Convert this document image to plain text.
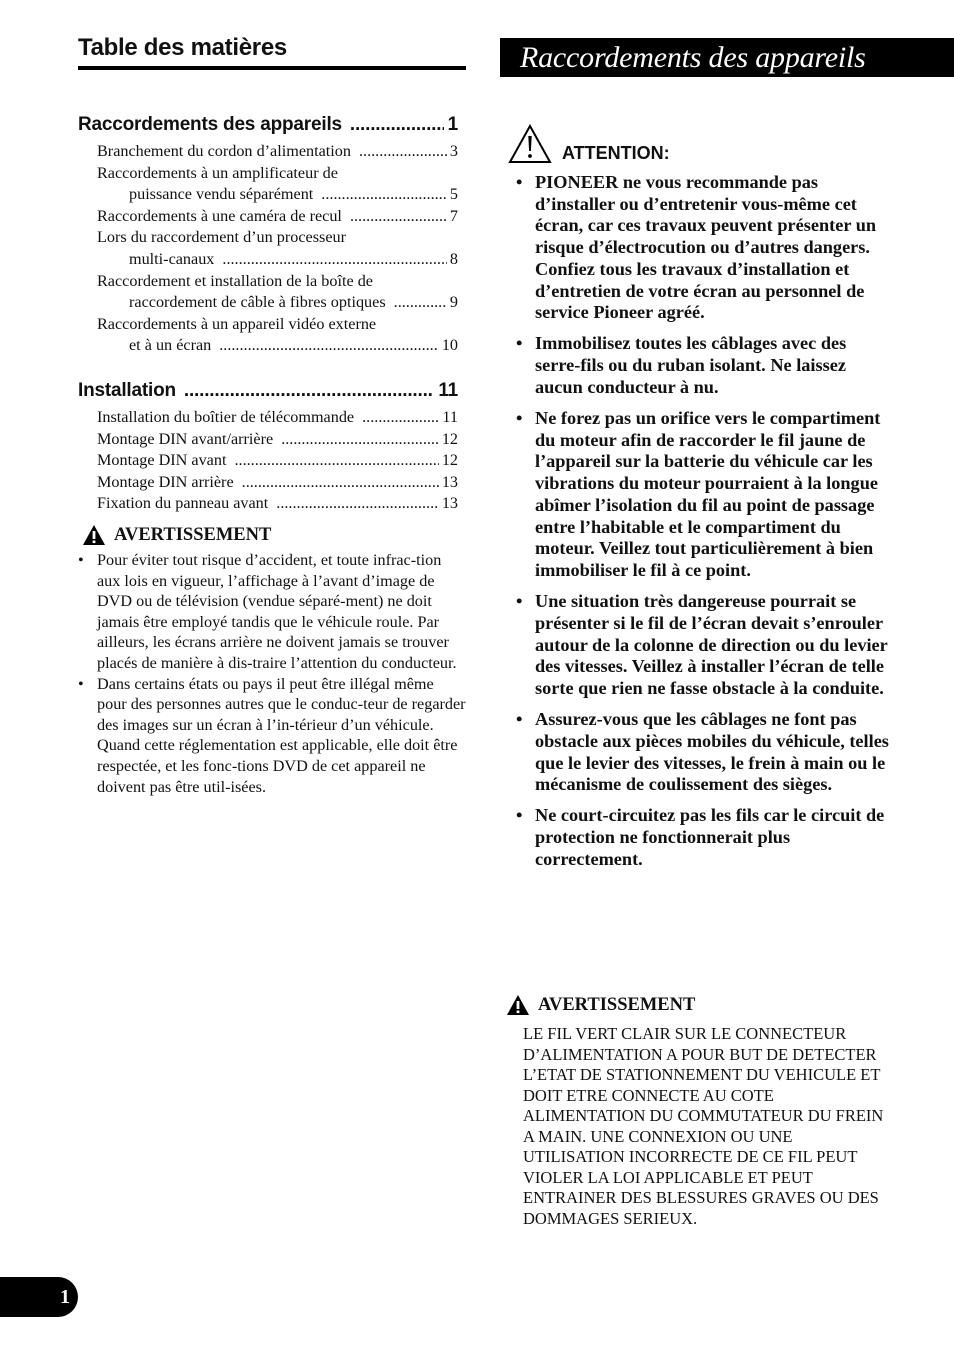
Table des matières
Raccordements des appareils .....	1
Branchement du cordon d’alimentation .....	3
Raccordements à un amplificateur de
puissance vendu séparément .....	5
Raccordements à une caméra de recul .....	7
Lors du raccordement d’un processeur
multi-canaux .....	8
Raccordement et installation de la boîte de
raccordement de câble à fibres optiques .....	9
Raccordements à un appareil vidéo externe
et à un écran .....	10
Installation .....	11
Installation du boîtier de télécommande .....	11
Montage DIN avant/arrière .....	12
Montage DIN avant .....	12
Montage DIN arrière .....	13
Fixation du panneau avant .....	13
AVERTISSEMENT
• Pour éviter tout risque d’accident, et toute infrac-tion aux lois en vigueur, l’affichage à l’avant d’image de DVD ou de télévision (vendue séparé-ment) ne doit jamais être employé tandis que le véhicule roule. Par ailleurs, les écrans arrière ne doivent jamais se trouver placés de manière à dis-traire l’attention du conducteur.
• Dans certains états ou pays il peut être illégal même pour des personnes autres que le conduc-teur de regarder des images sur un écran à l’in-térieur d’un véhicule. Quand cette réglementation est applicable, elle doit être respectée, et les fonc-tions DVD de cet appareil ne doivent pas être util-isées.
Raccordements des appareils
ATTENTION:
• PIONEER ne vous recommande pas d’installer ou d’entretenir vous-même cet écran, car ces travaux peuvent présenter un risque d’électrocution ou d’autres dangers. Confiez tous les travaux d’installation et d’entretien de votre écran au personnel de service Pioneer agréé.
• Immobilisez toutes les câblages avec des serre-fils ou du ruban isolant. Ne laissez aucun conducteur à nu.
• Ne forez pas un orifice vers le compartiment du moteur afin de raccorder le fil jaune de l’appareil sur la batterie du véhicule car les vibrations du moteur pourraient à la longue abîmer l’isolation du fil au point de passage entre l’habitable et le compartiment du moteur. Veillez tout particulièrement à bien immobiliser le fil à ce point.
• Une situation très dangereuse pourrait se présenter si le fil de l’écran devait s’enrouler autour de la colonne de direction ou du levier des vitesses. Veillez à installer l’écran de telle sorte que rien ne fasse obstacle à la conduite.
• Assurez-vous que les câblages ne font pas obstacle aux pièces mobiles du véhicule, telles que le levier des vitesses, le frein à main ou le mécanisme de coulissement des sièges.
• Ne court-circuitez pas les fils car le circuit de protection ne fonctionnerait plus correctement.
AVERTISSEMENT
LE FIL VERT CLAIR SUR LE CONNECTEUR D’ALIMENTATION A POUR BUT DE DETECTER L’ETAT DE STATIONNEMENT DU VEHICULE ET DOIT ETRE CONNECTE AU COTE ALIMENTATION DU COMMUTATEUR DU FREIN A MAIN. UNE CONNEXION OU UNE UTILISATION INCORRECTE DE CE FIL PEUT VIOLER LA LOI APPLICABLE ET PEUT ENTRAINER DES BLESSURES GRAVES OU DES DOMMAGES SERIEUX.
1
